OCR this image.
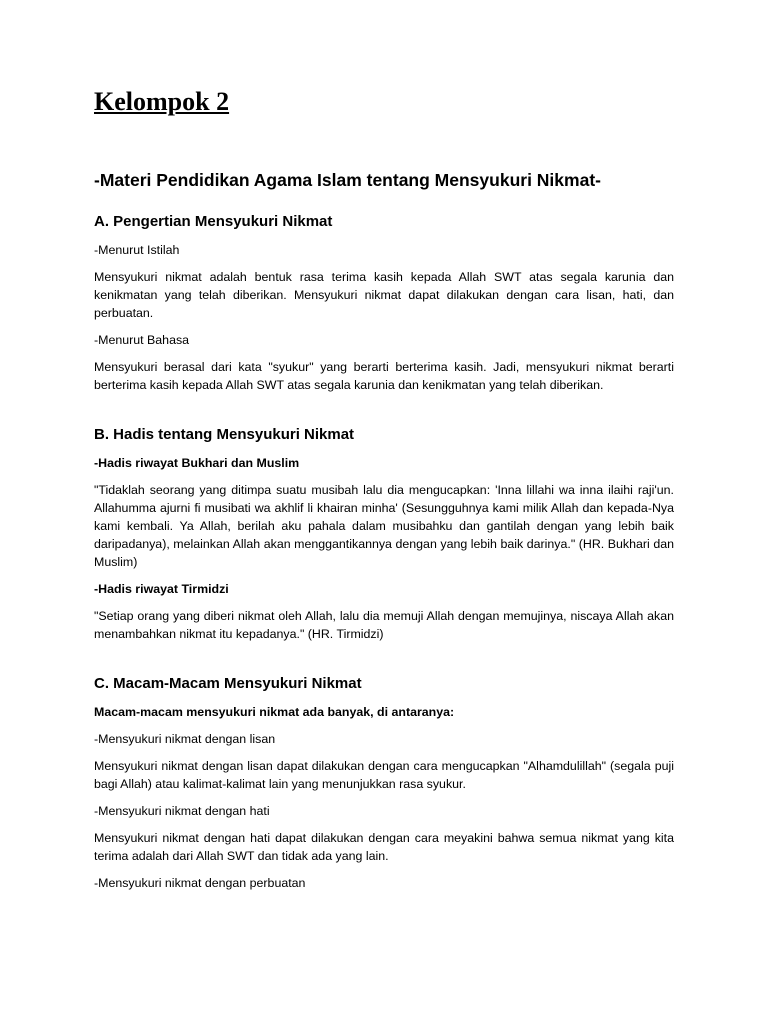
Kelompok 2
-Materi Pendidikan Agama Islam tentang Mensyukuri Nikmat-
A. Pengertian Mensyukuri Nikmat

-Menurut Istilah

Mensyukuri nikmat adalah bentuk rasa terima kasih kepada Allah SWT atas segala karunia dan kenikmatan yang telah diberikan. Mensyukuri nikmat dapat dilakukan dengan cara lisan, hati, dan perbuatan.

-Menurut Bahasa

Mensyukuri berasal dari kata "syukur" yang berarti berterima kasih. Jadi, mensyukuri nikmat berarti berterima kasih kepada Allah SWT atas segala karunia dan kenikmatan yang telah diberikan.

B. Hadis tentang Mensyukuri Nikmat

-Hadis riwayat Bukhari dan Muslim

"Tidaklah seorang yang ditimpa suatu musibah lalu dia mengucapkan: 'Inna lillahi wa inna ilaihi raji'un. Allahumma ajurni fi musibati wa akhlif li khairan minha' (Sesungguhnya kami milik Allah dan kepada-Nya kami kembali. Ya Allah, berilah aku pahala dalam musibahku dan gantilah dengan yang lebih baik daripadanya), melainkan Allah akan menggantikannya dengan yang lebih baik darinya." (HR. Bukhari dan Muslim)

-Hadis riwayat Tirmidzi

"Setiap orang yang diberi nikmat oleh Allah, lalu dia memuji Allah dengan memujinya, niscaya Allah akan menambahkan nikmat itu kepadanya." (HR. Tirmidzi)

C. Macam-Macam Mensyukuri Nikmat

Macam-macam mensyukuri nikmat ada banyak, di antaranya:

-Mensyukuri nikmat dengan lisan

Mensyukuri nikmat dengan lisan dapat dilakukan dengan cara mengucapkan "Alhamdulillah" (segala puji bagi Allah) atau kalimat-kalimat lain yang menunjukkan rasa syukur.

-Mensyukuri nikmat dengan hati

Mensyukuri nikmat dengan hati dapat dilakukan dengan cara meyakini bahwa semua nikmat yang kita terima adalah dari Allah SWT dan tidak ada yang lain.

-Mensyukuri nikmat dengan perbuatan
